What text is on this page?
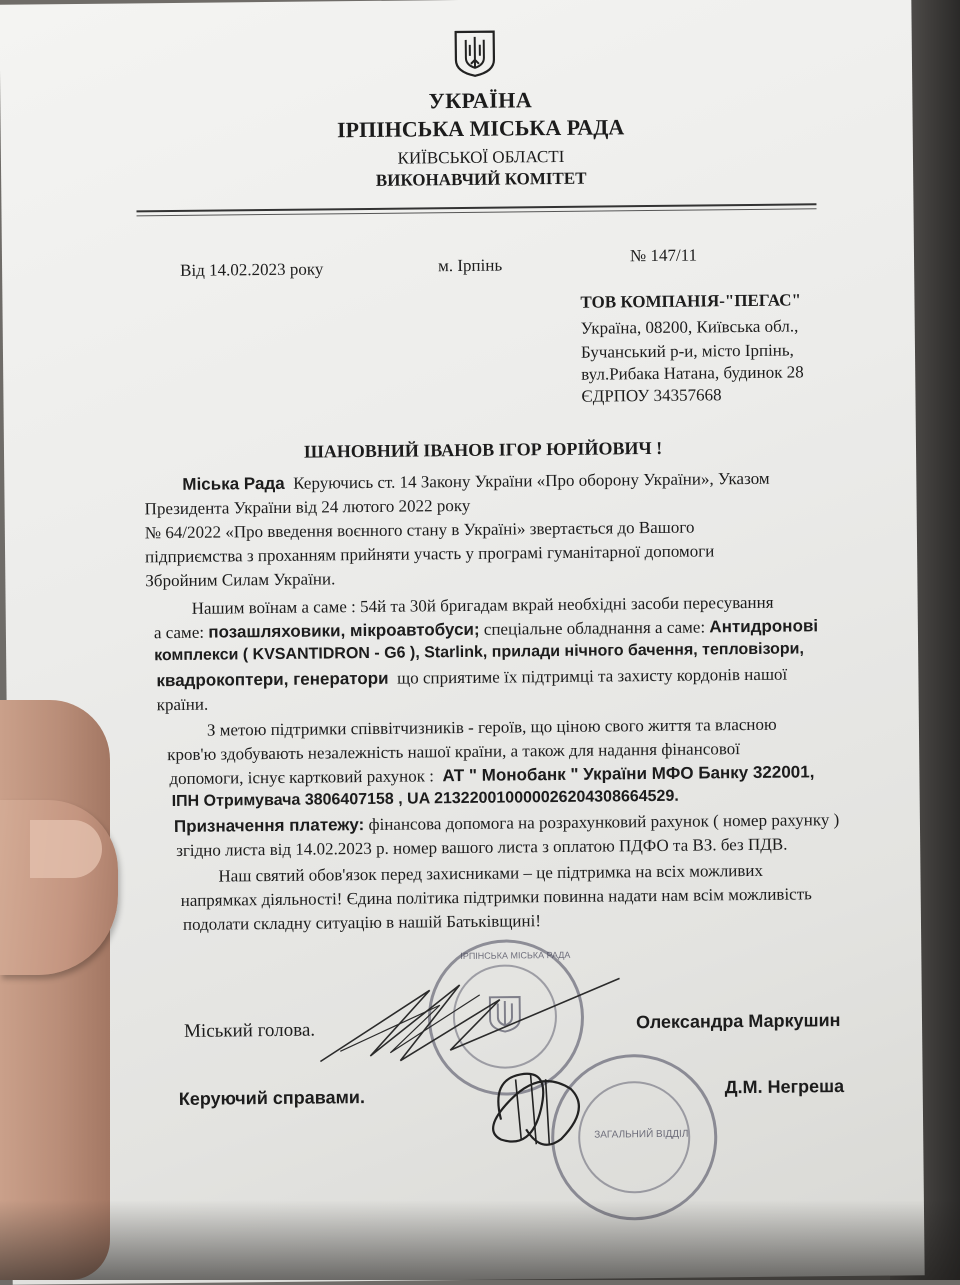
УКРАЇНА
ІРПІНСЬКА МІСЬКА РАДА
КИЇВСЬКОЇ ОБЛАСТІ
ВИКОНАВЧИЙ КОМІТЕТ
Від 14.02.2023 року	м. Ірпінь
№ 147/11
ТОВ КОМПАНІЯ-"ПЕГАС"
Україна, 08200, Київська обл.,
Бучанський р-и, місто Ірпінь,
вул.Рибака Натана, будинок 28
ЄДРПОУ 34357668
ШАНОВНИЙ ІВАНОВ ІГОР ЮРІЙОВИЧ !
Міська Рада Керуючись ст. 14 Закону України «Про оборону України», Указом
Президента України від 24 лютого 2022 року
№ 64/2022 «Про введення воєнного стану в Україні» звертається до Вашого
підприємства з проханням прийняти участь у програмі гуманітарної допомоги
Збройним Силам України.
Нашим воїнам а саме : 54й та 30й бригадам вкрай необхідні засоби пересування
а саме: позашляховики, мікроавтобуси; спеціальне обладнання а саме: Антидронові
комплекси ( KVSANTIDRON - G6 ), Starlink, прилади нічного бачення, тепловізори,
квадрокоптери, генератори що сприятиме їх підтримці та захисту кордонів нашої
країни.
З метою підтримки співвітчизників - героїв, що ціною свого життя та власною
кров'ю здобувають незалежність нашої країни, а також для надання фінансової
допомоги, існує картковий рахунок : АТ " Монобанк " України МФО Банку 322001,
ІПН Отримувача 3806407158 , UA 213220010000026204308664529.
Призначення платежу: фінансова допомога на розрахунковий рахунок ( номер рахунку )
згідно листа від 14.02.2023 р. номер вашого листа з оплатою ПДФО та ВЗ. без ПДВ.
Наш святий обов'язок перед захисниками – це підтримка на всіх можливих
напрямках діяльності! Єдина політика підтримки повинна надати нам всім можливість
подолати складну ситуацію в нашій Батьківщині!
ІРПІНСЬКА МІСЬКА РАДА
ЗАГАЛЬНИЙ ВІДДІЛ
Міський голова.	Олександра Маркушин
Керуючий справами.
Д.М. Негреша
